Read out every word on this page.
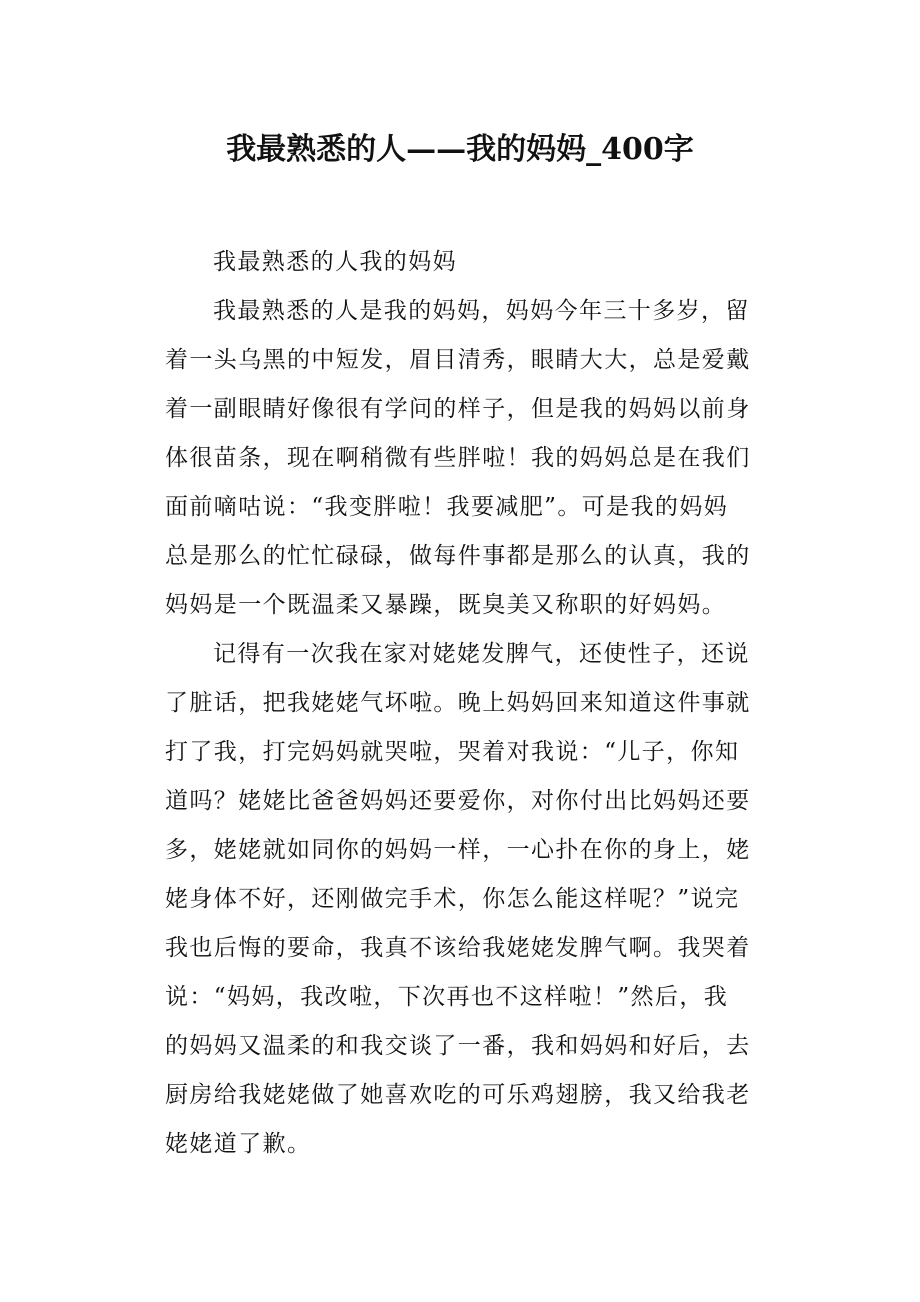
我最熟悉的人——我的妈妈_400字
我最熟悉的人我的妈妈
我最熟悉的人是我的妈妈，妈妈今年三十多岁，留
着一头乌黑的中短发，眉目清秀，眼睛大大，总是爱戴
着一副眼睛好像很有学问的样子，但是我的妈妈以前身
体很苗条，现在啊稍微有些胖啦！我的妈妈总是在我们
面前嘀咕说：“我变胖啦！我要减肥”。可是我的妈妈
总是那么的忙忙碌碌，做每件事都是那么的认真，我的
妈妈是一个既温柔又暴躁，既臭美又称职的好妈妈。
记得有一次我在家对姥姥发脾气，还使性子，还说
了脏话，把我姥姥气坏啦。晚上妈妈回来知道这件事就
打了我，打完妈妈就哭啦，哭着对我说：“儿子，你知
道吗？姥姥比爸爸妈妈还要爱你，对你付出比妈妈还要
多，姥姥就如同你的妈妈一样，一心扑在你的身上，姥
姥身体不好，还刚做完手术，你怎么能这样呢？”说完
我也后悔的要命，我真不该给我姥姥发脾气啊。我哭着
说：“妈妈，我改啦，下次再也不这样啦！”然后，我
的妈妈又温柔的和我交谈了一番，我和妈妈和好后，去
厨房给我姥姥做了她喜欢吃的可乐鸡翅膀，我又给我老
姥姥道了歉。
